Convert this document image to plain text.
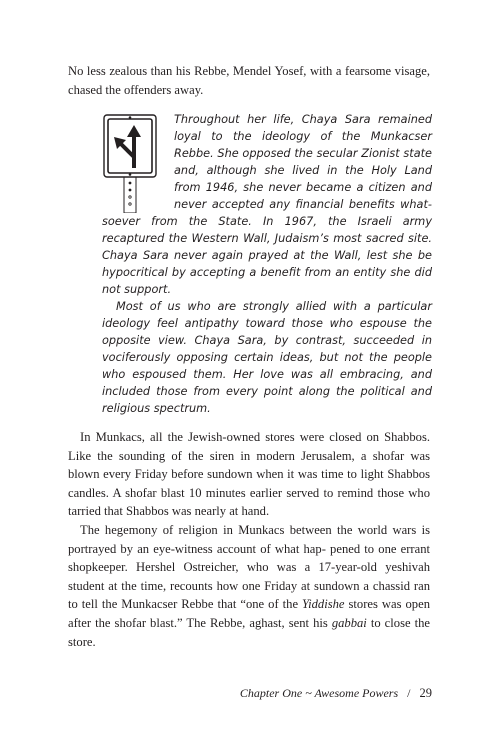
No less zealous than his Rebbe, Mendel Yosef, with a fearsome visage, chased the offenders away.

Throughout her life, Chaya Sara remained loyal to the ideology of the Munkacser Rebbe. She opposed the secular Zionist state and, although she lived in the Holy Land from 1946, she never became a citizen and never accepted any financial benefits what- soever from the State. In 1967, the Israeli army recaptured the Western Wall, Judaism’s most sacred site. Chaya Sara never again prayed at the Wall, lest she be hypocritical by accepting a benefit from an entity she did not support.

Most of us who are strongly allied with a particular ideology feel antipathy toward those who espouse the opposite view. Chaya Sara, by contrast, succeeded in vociferously opposing certain ideas, but not the people who espoused them. Her love was all embracing, and included those from every point along the political and religious spectrum.

In Munkacs, all the Jewish-owned stores were closed on Shabbos. Like the sounding of the siren in modern Jerusalem, a shofar was blown every Friday before sundown when it was time to light Shabbos candles. A shofar blast 10 minutes earlier served to remind those who tarried that Shabbos was nearly at hand.

The hegemony of religion in Munkacs between the world wars is portrayed by an eye-witness account of what hap- pened to one errant shopkeeper. Hershel Ostreicher, who was a 17-year-old yeshivah student at the time, recounts how one Friday at sundown a chassid ran to tell the Munkacser Rebbe that “one of the Yiddishe stores was open after the shofar blast.” The Rebbe, aghast, sent his gabbai to close the store.

Chapter One ~ Awesome Powers / 29
